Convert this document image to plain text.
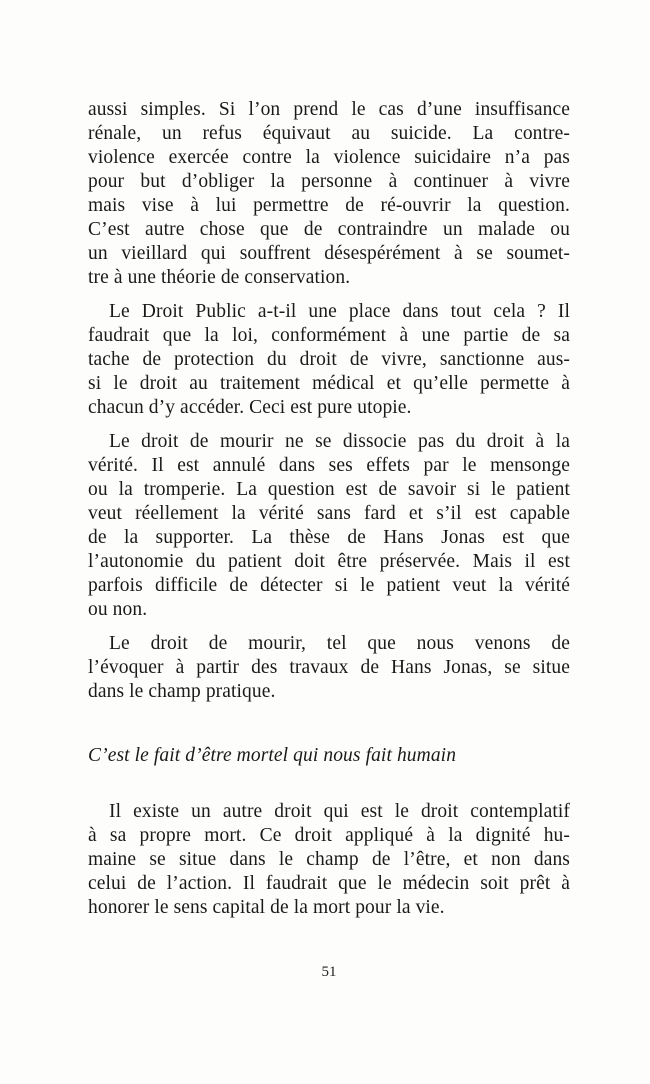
aussi simples. Si l’on prend le cas d’une insuffisance
rénale, un refus équivaut au suicide. La contre-
violence exercée contre la violence suicidaire n’a pas
pour but d’obliger la personne à continuer à vivre
mais vise à lui permettre de ré-ouvrir la question.
C’est autre chose que de contraindre un malade ou
un vieillard qui souffrent désespérément à se soumet-
tre à une théorie de conservation.

Le Droit Public a-t-il une place dans tout cela ? Il
faudrait que la loi, conformément à une partie de sa
tache de protection du droit de vivre, sanctionne aus-
si le droit au traitement médical et qu’elle permette à
chacun d’y accéder. Ceci est pure utopie.

Le droit de mourir ne se dissocie pas du droit à la
vérité. Il est annulé dans ses effets par le mensonge
ou la tromperie. La question est de savoir si le patient
veut réellement la vérité sans fard et s’il est capable
de la supporter. La thèse de Hans Jonas est que
l’autonomie du patient doit être préservée. Mais il est
parfois difficile de détecter si le patient veut la vérité
ou non.

Le droit de mourir, tel que nous venons de
l’évoquer à partir des travaux de Hans Jonas, se situe
dans le champ pratique.

C’est le fait d’être mortel qui nous fait humain

Il existe un autre droit qui est le droit contemplatif
à sa propre mort. Ce droit appliqué à la dignité hu-
maine se situe dans le champ de l’être, et non dans
celui de l’action. Il faudrait que le médecin soit prêt à
honorer le sens capital de la mort pour la vie.

51
